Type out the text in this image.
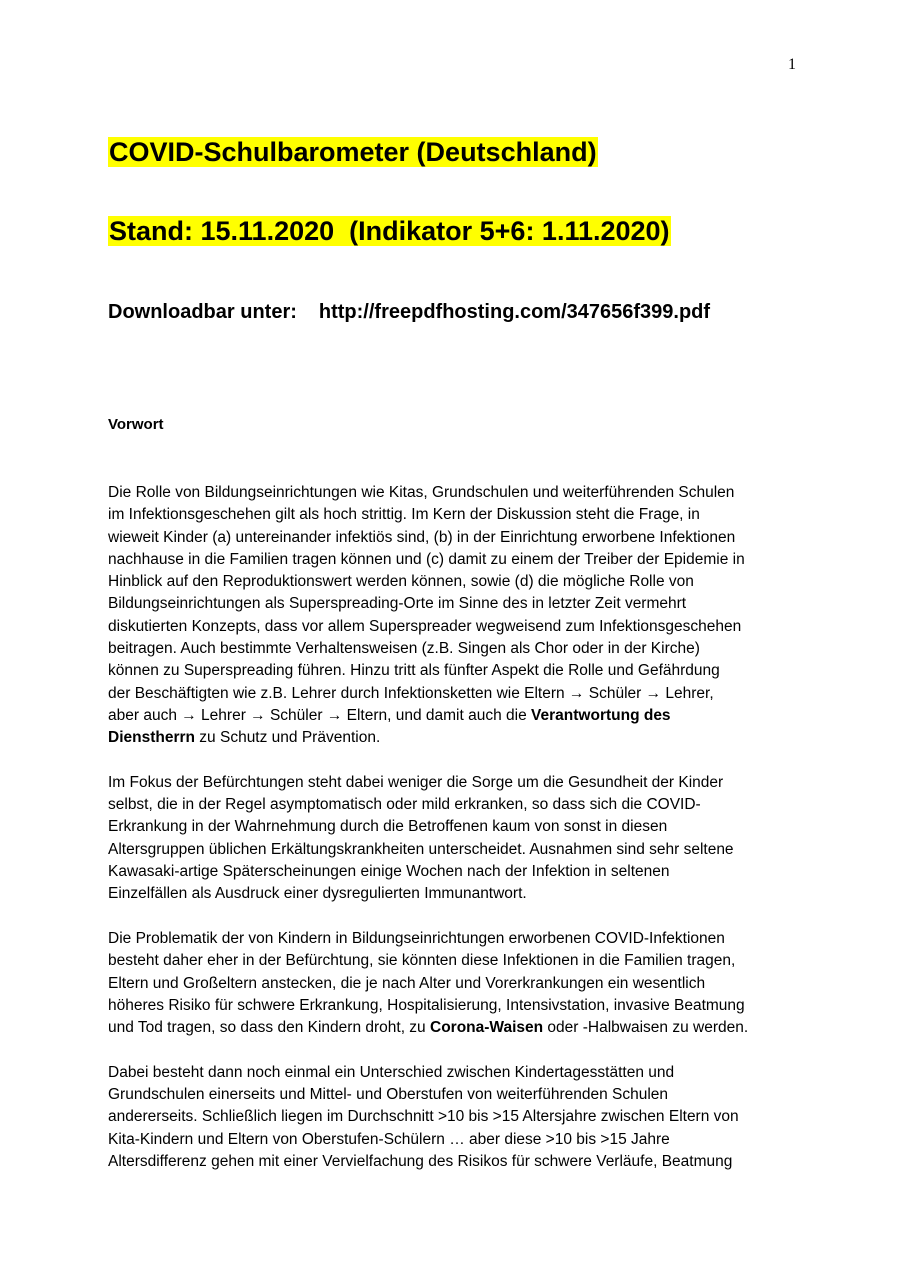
1
COVID-Schulbarometer (Deutschland)
Stand: 15.11.2020  (Indikator 5+6: 1.11.2020)
Downloadbar unter: http://freepdfhosting.com/347656f399.pdf
Vorwort

Die Rolle von Bildungseinrichtungen wie Kitas, Grundschulen und weiterführenden Schulen
im Infektionsgeschehen gilt als hoch strittig. Im Kern der Diskussion steht die Frage, in
wieweit Kinder (a) untereinander infektiös sind, (b) in der Einrichtung erworbene Infektionen
nachhause in die Familien tragen können und (c) damit zu einem der Treiber der Epidemie in
Hinblick auf den Reproduktionswert werden können, sowie (d) die mögliche Rolle von
Bildungseinrichtungen als Superspreading-Orte im Sinne des in letzter Zeit vermehrt
diskutierten Konzepts, dass vor allem Superspreader wegweisend zum Infektionsgeschehen
beitragen. Auch bestimmte Verhaltensweisen (z.B. Singen als Chor oder in der Kirche)
können zu Superspreading führen. Hinzu tritt als fünfter Aspekt die Rolle und Gefährdung
der Beschäftigten wie z.B. Lehrer durch Infektionsketten wie Eltern → Schüler → Lehrer,
aber auch → Lehrer → Schüler → Eltern, und damit auch die Verantwortung des
Dienstherrn zu Schutz und Prävention.

Im Fokus der Befürchtungen steht dabei weniger die Sorge um die Gesundheit der Kinder
selbst, die in der Regel asymptomatisch oder mild erkranken, so dass sich die COVID-
Erkrankung in der Wahrnehmung durch die Betroffenen kaum von sonst in diesen
Altersgruppen üblichen Erkältungskrankheiten unterscheidet. Ausnahmen sind sehr seltene
Kawasaki-artige Späterscheinungen einige Wochen nach der Infektion in seltenen
Einzelfällen als Ausdruck einer dysregulierten Immunantwort.

Die Problematik der von Kindern in Bildungseinrichtungen erworbenen COVID-Infektionen
besteht daher eher in der Befürchtung, sie könnten diese Infektionen in die Familien tragen,
Eltern und Großeltern anstecken, die je nach Alter und Vorerkrankungen ein wesentlich
höheres Risiko für schwere Erkrankung, Hospitalisierung, Intensivstation, invasive Beatmung
und Tod tragen, so dass den Kindern droht, zu Corona-Waisen oder -Halbwaisen zu werden.

Dabei besteht dann noch einmal ein Unterschied zwischen Kindertagesstätten und
Grundschulen einerseits und Mittel- und Oberstufen von weiterführenden Schulen
andererseits. Schließlich liegen im Durchschnitt >10 bis >15 Altersjahre zwischen Eltern von
Kita-Kindern und Eltern von Oberstufen-Schülern … aber diese >10 bis >15 Jahre
Altersdifferenz gehen mit einer Vervielfachung des Risikos für schwere Verläufe, Beatmung
